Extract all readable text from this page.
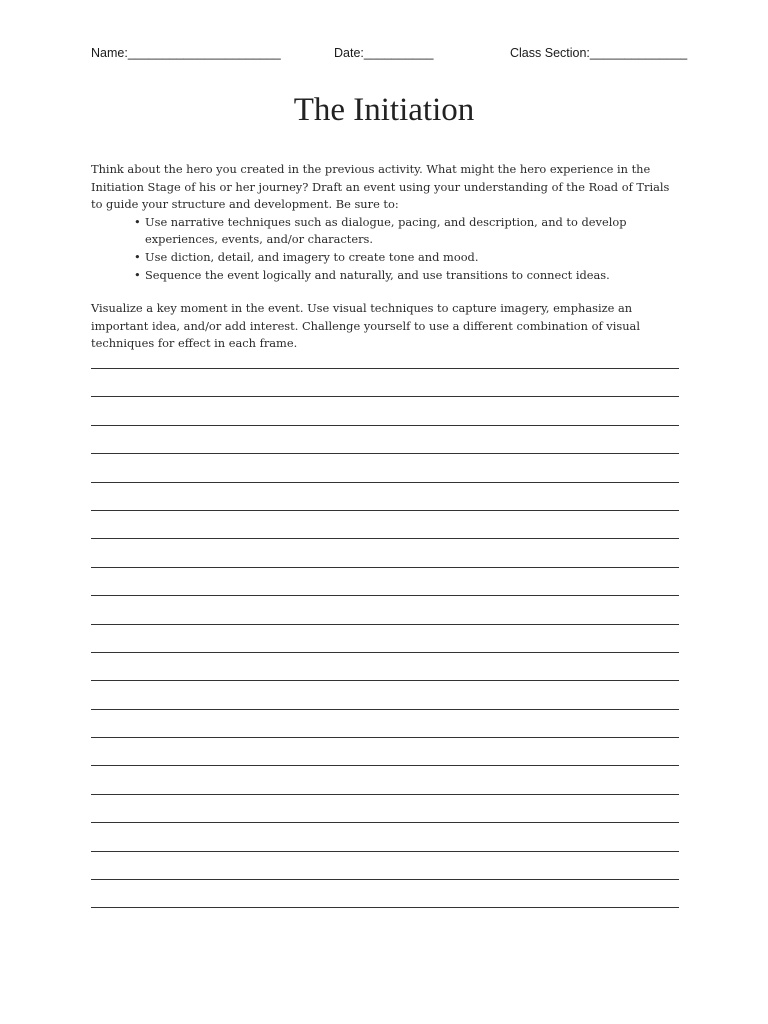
Name:______________________	Date:__________	Class Section:______________
The Initiation

Think about the hero you created in the previous activity. What might the hero experience in the Initiation Stage of his or her journey? Draft an event using your understanding of the Road of Trials to guide your structure and development. Be sure to:

• Use narrative techniques such as dialogue, pacing, and description, and to develop experiences, events, and/or characters.
• Use diction, detail, and imagery to create tone and mood.
• Sequence the event logically and naturally, and use transitions to connect ideas.

Visualize a key moment in the event. Use visual techniques to capture imagery, emphasize an important idea, and/or add interest. Challenge yourself to use a different combination of visual techniques for effect in each frame.
